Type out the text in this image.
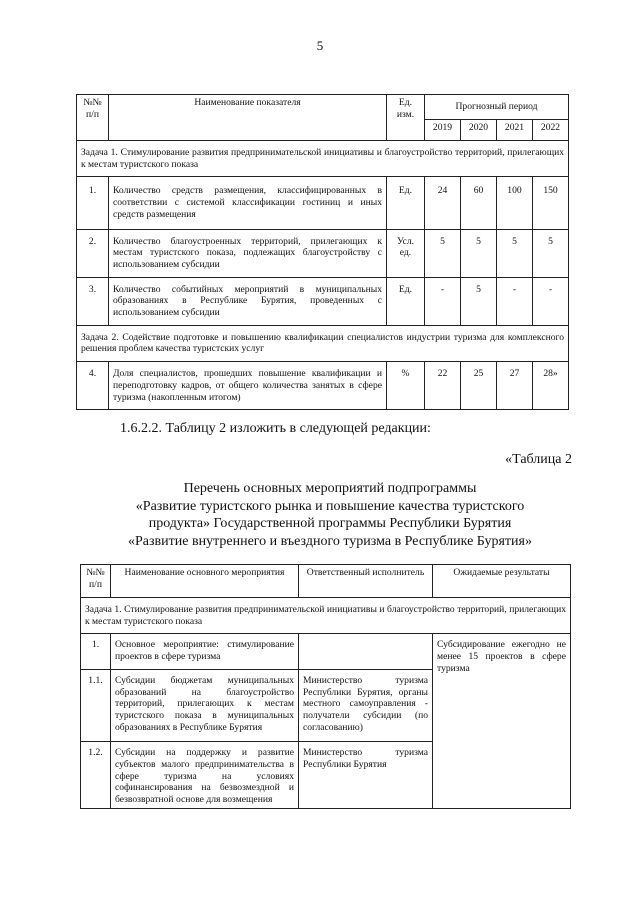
5
№№ п/п	Наименование показателя	Ед. изм.	Прогнозный период			
			2019	2020	2021	2022
Задача 1. Стимулирование развития предпринимательской инициативы и благоустройство территорий, прилегающих к местам туристского показа						
1.	Количество средств размещения, классифицированных в соответствии с системой классификации гостиниц и иных средств размещения	Ед.	24	60	100	150
2.	Количество благоустроенных территорий, прилегающих к местам туристского показа, подлежащих благоустройству с использованием субсидии	Усл. ед.	5	5	5	5
3.	Количество событийных мероприятий в муниципальных образованиях в Республике Бурятия, проведенных с использованием субсидии	Ед.	-	5	-	-
Задача 2. Содействие подготовке и повышению квалификации специалистов индустрии туризма для комплексного решения проблем качества туристских услуг						
4.	Доля специалистов, прошедших повышение квалификации и переподготовку кадров, от общего количества занятых в сфере туризма (накопленным итогом)	%	22	25	27	28»
1.6.2.2. Таблицу 2 изложить в следующей редакции:
«Таблица 2
Перечень основных мероприятий подпрограммы
«Развитие туристского рынка и повышение качества туристского
продукта» Государственной программы Республики Бурятия
«Развитие внутреннего и въездного туризма в Республике Бурятия»
№№ п/п	Наименование основного мероприятия	Ответственный исполнитель	Ожидаемые результаты
Задача 1. Стимулирование развития предпринимательской инициативы и благоустройство территорий, прилегающих к местам туристского показа			
1.	Основное мероприятие: стимулирование проектов в сфере туризма		Субсидирование ежегодно не менее 15 проектов в сфере туризма
1.1.	Субсидии бюджетам муниципальных образований на благоустройство территорий, прилегающих к местам туристского показа в муниципальных образованиях в Республике Бурятия	Министерство туризма Республики Бурятия, органы местного самоуправления - получатели субсидии (по согласованию)	
1.2.	Субсидии на поддержку и развитие субъектов малого предпринимательства в сфере туризма на условиях софинансирования на безвозмездной и безвозвратной основе для возмещения	Министерство туризма Республики Бурятия	
